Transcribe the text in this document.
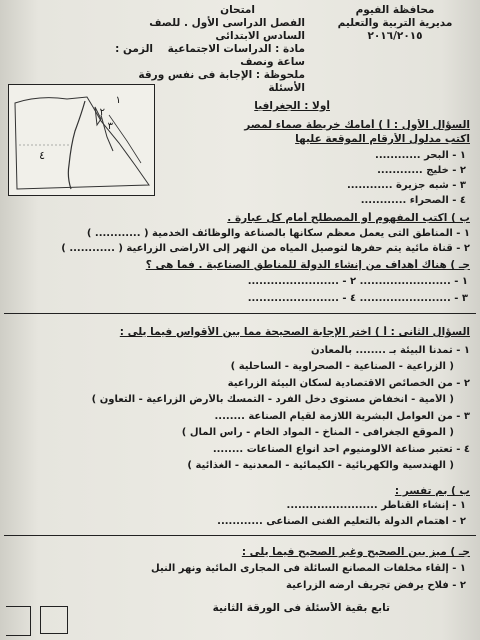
محافظة الفيوم
مديرية التربية والتعليم
٢٠١٦/٢٠١٥
امتحان
الفصل الدراسى الأول . للصف السادس الابتدائى
مادة : الدراسات الاجتماعية    الزمن : ساعة ونصف
ملحوظة : الإجابة فى نفس ورقة الأسئلة
١
٢
٣
٤
أولا : الجغرافيا
السؤال الأول : أ ) أمامك خريطة صماء لمصر
اكتب مدلول الأرقام الموقعة عليها
١ - البحر ............
٢ - خليج ............
٣ - شبه جزيرة ............
٤ - الصحراء ............
ب ) اكتب المفهوم أو المصطلح أمام كل عبارة .
١ - المناطق التى يعمل معظم سكانها بالصناعة والوظائف الخدمية ( ............ )
٢ - قناة مائية يتم حفرها لتوصيل المياه من النهر إلى الأراضى الزراعية ( ............ )
جـ ) هناك أهداف من إنشاء الدولة للمناطق الصناعية . فما هى ؟
١ - ........................ ٢ - ........................
٣ - ........................ ٤ - ........................
السؤال الثانى : أ ) اختر الإجابة الصحيحة مما بين الأقواس فيما يلى :
١ - تمدنا البيئة بـ ........ بالمعادن
( الزراعية - الصناعية - الصحراوية - الساحلية )
٢ - من الخصائص الاقتصادية لسكان البيئة الزراعية
( الأمية - انخفاض مستوى دخل الفرد - التمسك بالأرض الزراعية - التعاون )
٣ - من العوامل البشرية اللازمة لقيام الصناعة ........
( الموقع الجغرافى - المناخ - المواد الخام - رأس المال )
٤ - تعتبر صناعة الألومنيوم أحد أنواع الصناعات ........
( الهندسية والكهربائية - الكيمائية - المعدنية - الغذائية )
ب ) بم تفسر :
١ - إنشاء القناطر ........................
٢ - اهتمام الدولة بالتعليم الفنى الصناعى ............
جـ ) ميز بين الصحيح وغير الصحيح فيما يلى :
١ - إلقاء مخلفات المصانع السائلة فى المجارى المائية ونهر النيل
٢ - فلاح يرفض تجريف أرضه الزراعية
تابع بقية الأسئلة فى الورقة الثانية
